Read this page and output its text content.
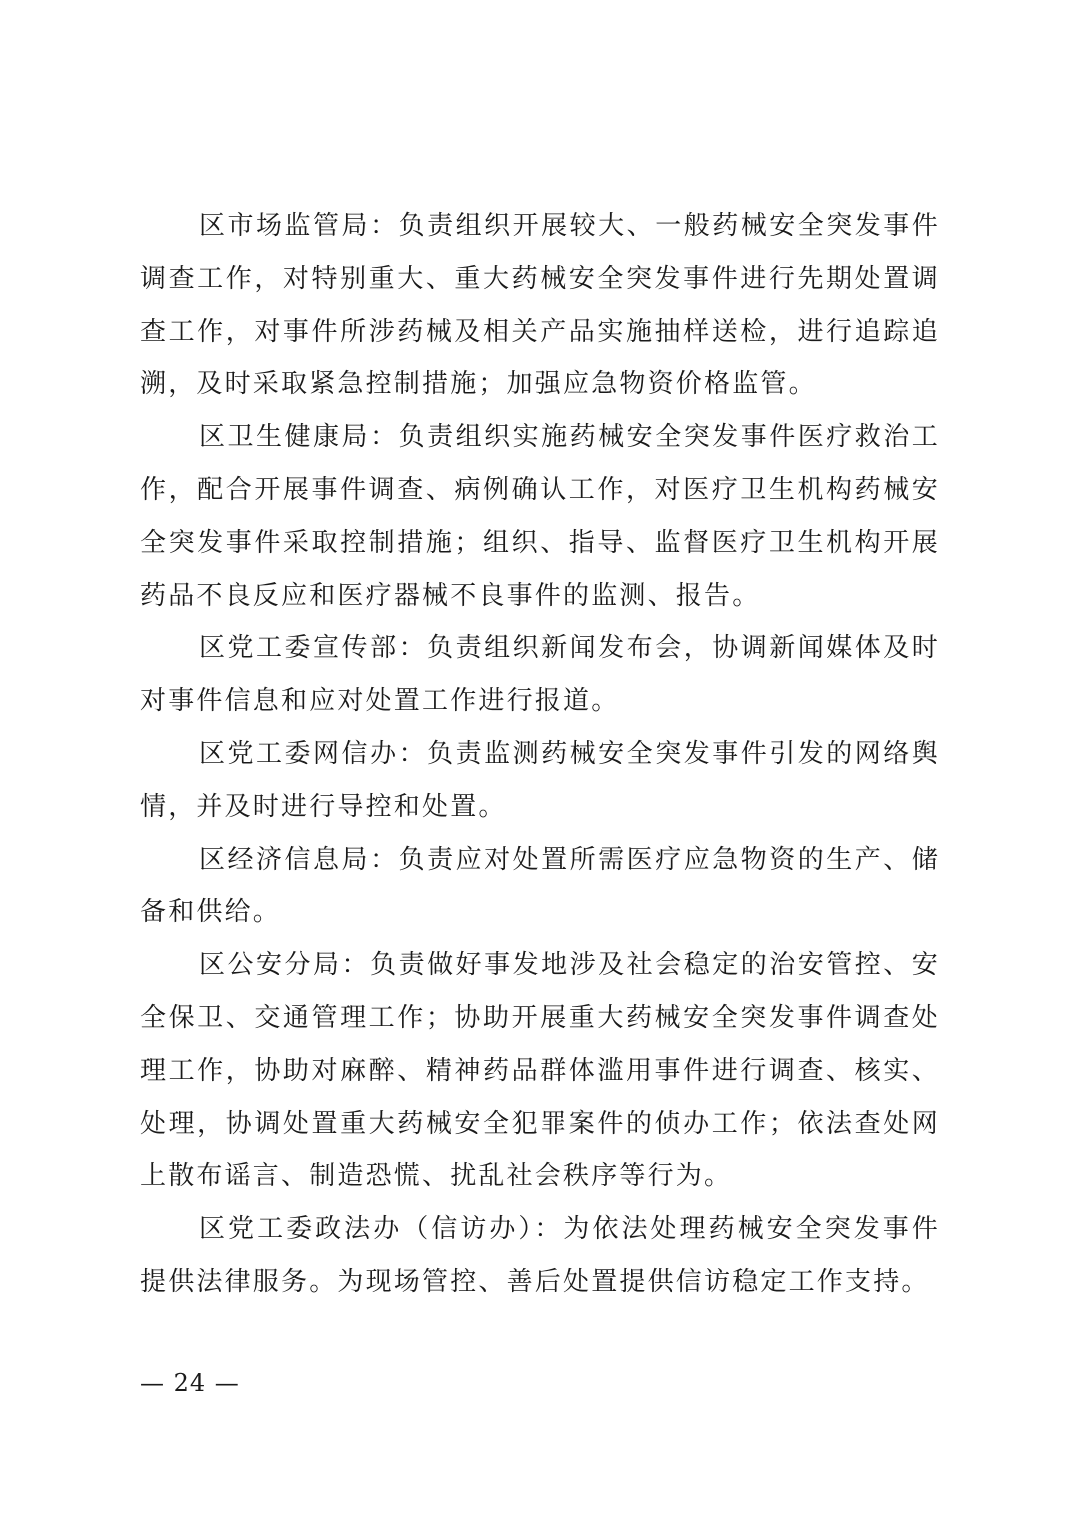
区市场监管局：负责组织开展较大、一般药械安全突发事件调查工作，对特别重大、重大药械安全突发事件进行先期处置调查工作，对事件所涉药械及相关产品实施抽样送检，进行追踪追溯，及时采取紧急控制措施；加强应急物资价格监管。

区卫生健康局：负责组织实施药械安全突发事件医疗救治工作，配合开展事件调查、病例确认工作，对医疗卫生机构药械安全突发事件采取控制措施；组织、指导、监督医疗卫生机构开展药品不良反应和医疗器械不良事件的监测、报告。

区党工委宣传部：负责组织新闻发布会，协调新闻媒体及时对事件信息和应对处置工作进行报道。

区党工委网信办：负责监测药械安全突发事件引发的网络舆情，并及时进行导控和处置。

区经济信息局：负责应对处置所需医疗应急物资的生产、储备和供给。

区公安分局：负责做好事发地涉及社会稳定的治安管控、安全保卫、交通管理工作；协助开展重大药械安全突发事件调查处理工作，协助对麻醉、精神药品群体滥用事件进行调查、核实、处理，协调处置重大药械安全犯罪案件的侦办工作；依法查处网上散布谣言、制造恐慌、扰乱社会秩序等行为。

区党工委政法办（信访办）：为依法处理药械安全突发事件提供法律服务。为现场管控、善后处置提供信访稳定工作支持。

— 24 —
